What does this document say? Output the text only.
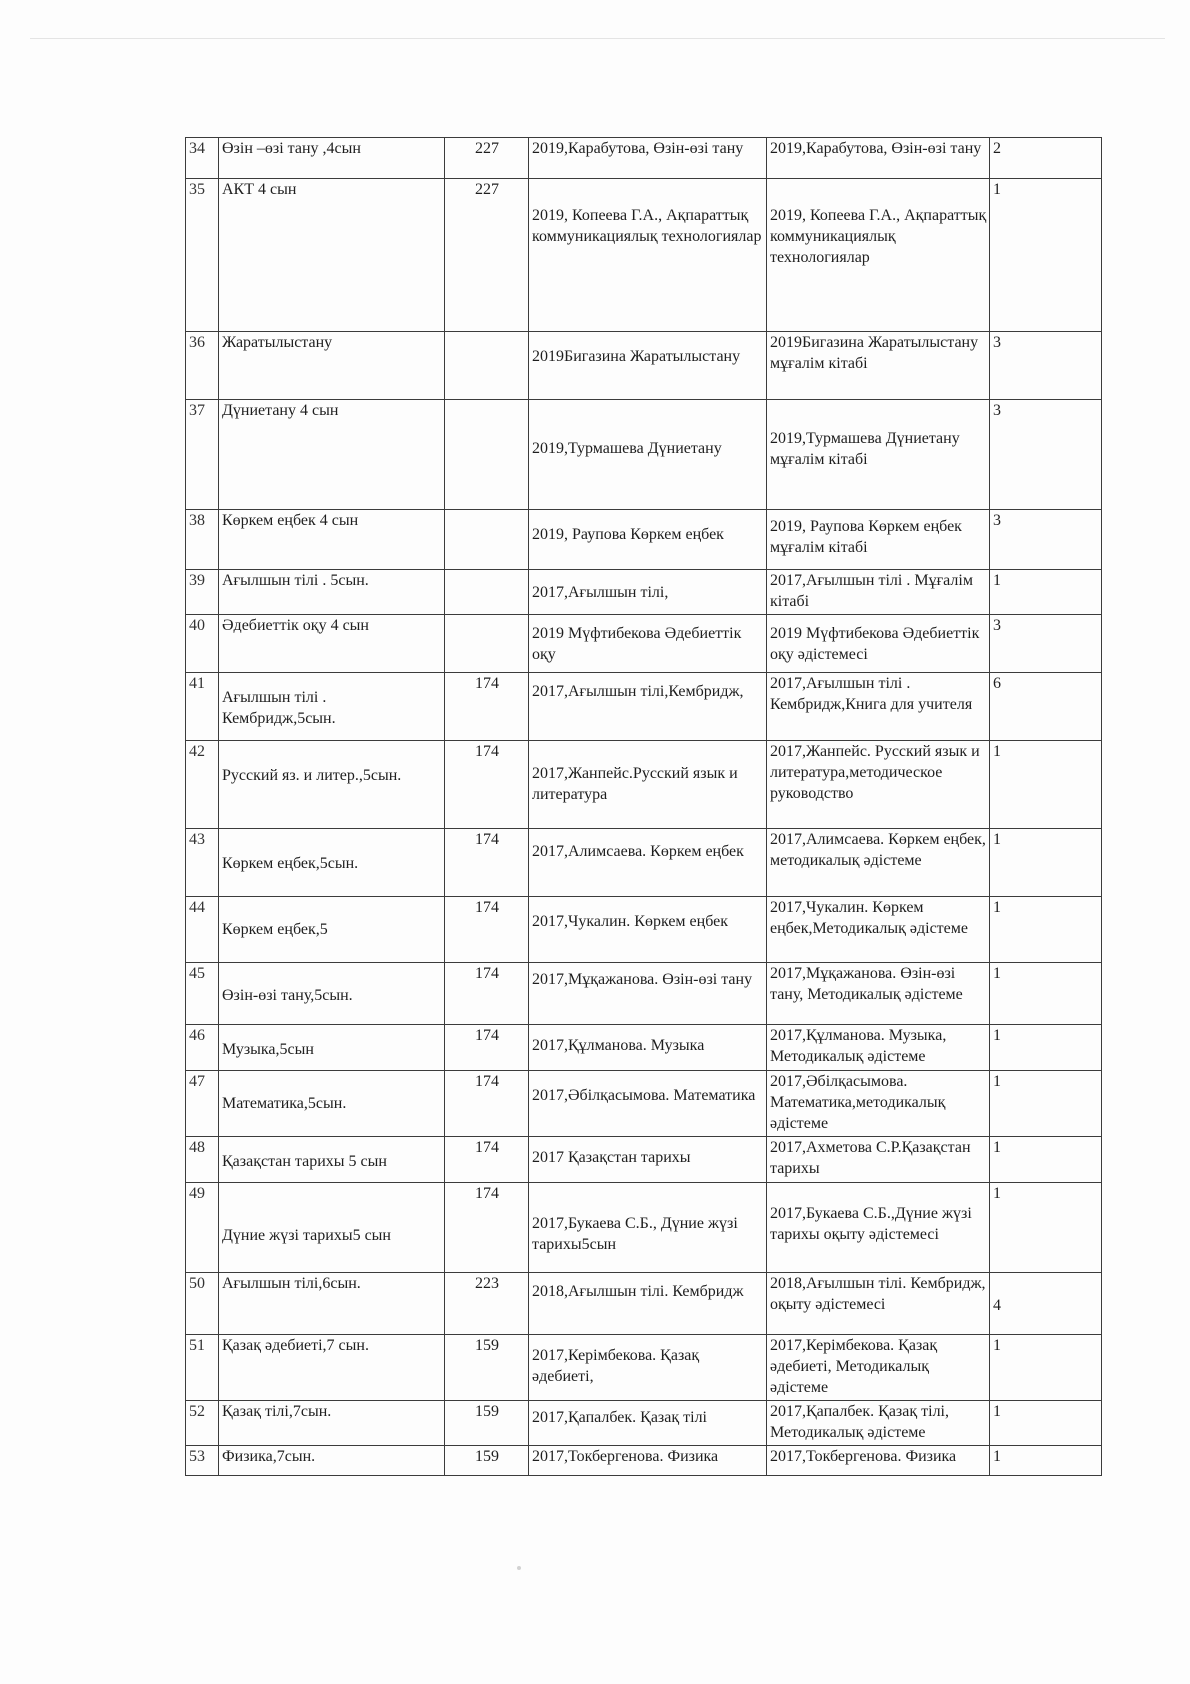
34	Өзін –өзі тану ,4сын	227	2019,Карабутова, Өзін-өзі тану	2019,Карабутова, Өзін-өзі тану	2
35	АКТ 4 сын	227	2019, Копеева Г.А., Ақпараттық коммуникациялық технологиялар	2019, Копеева Г.А., Ақпараттық коммуникациялық технологиялар	1
36	Жаратылыстану		2019Бигазина Жаратылыстану	2019Бигазина Жаратылыстану мұғалім кітабі	3
37	Дүниетану 4 сын		2019,Турмашева Дүниетану	2019,Турмашева Дүниетану мұғалім кітабі	3
38	Көркем еңбек 4 сын		2019, Раупова Көркем еңбек	2019, Раупова Көркем еңбек мұғалім кітабі	3
39	Ағылшын тілі . 5сын.		2017,Ағылшын тілі,	2017,Ағылшын тілі . Мұғалім кітабі	1
40	Әдебиеттік оқу 4 сын		2019 Мүфтибекова Әдебиеттік оқу	2019 Мүфтибекова Әдебиеттік оқу әдістемесі	3
41	Ағылшын тілі . Кембридж,5сын.	174	2017,Ағылшын тілі,Кембридж,	2017,Ағылшын тілі . Кембридж,Книга для учителя	6
42	Русский яз. и литер.,5сын.	174	2017,Жанпейс.Русский язык и литература	2017,Жанпейс. Русский язык и литература,методическое руководство	1
43	Көркем еңбек,5сын.	174	2017,Алимсаева. Көркем еңбек	2017,Алимсаева. Көркем еңбек, методикалық әдістеме	1
44	Көркем еңбек,5	174	2017,Чукалин. Көркем еңбек	2017,Чукалин. Көркем еңбек,Методикалық әдістеме	1
45	Өзін-өзі тану,5сын.	174	2017,Мұқажанова. Өзін-өзі тану	2017,Мұқажанова. Өзін-өзі тану, Методикалық әдістеме	1
46	Музыка,5сын	174	2017,Құлманова. Музыка	2017,Құлманова. Музыка, Методикалық әдістеме	1
47	Математика,5сын.	174	2017,Әбілқасымова. Математика	2017,Әбілқасымова. Математика,методикалық әдістеме	1
48	Қазақстан тарихы 5 сын	174	2017 Қазақстан тарихы	2017,Ахметова С.Р.Қазақстан тарихы	1
49	Дүние жүзі тарихы5 сын	174	2017,Букаева С.Б., Дүние жүзі тарихы5сын	2017,Букаева С.Б.,Дүние жүзі тарихы оқыту әдістемесі	1
50	Ағылшын тілі,6сын.	223	2018,Ағылшын тілі. Кембридж	2018,Ағылшын тілі. Кембридж, оқыту әдістемесі	4
51	Қазақ әдебиеті,7 сын.	159	2017,Керімбекова. Қазақ әдебиеті,	2017,Керімбекова. Қазақ әдебиеті, Методикалық әдістеме	1
52	Қазақ тілі,7сын.	159	2017,Қапалбек. Қазақ тілі	2017,Қапалбек. Қазақ тілі, Методикалық әдістеме	1
53	Физика,7сын.	159	2017,Токбергенова. Физика	2017,Токбергенова. Физика	1
